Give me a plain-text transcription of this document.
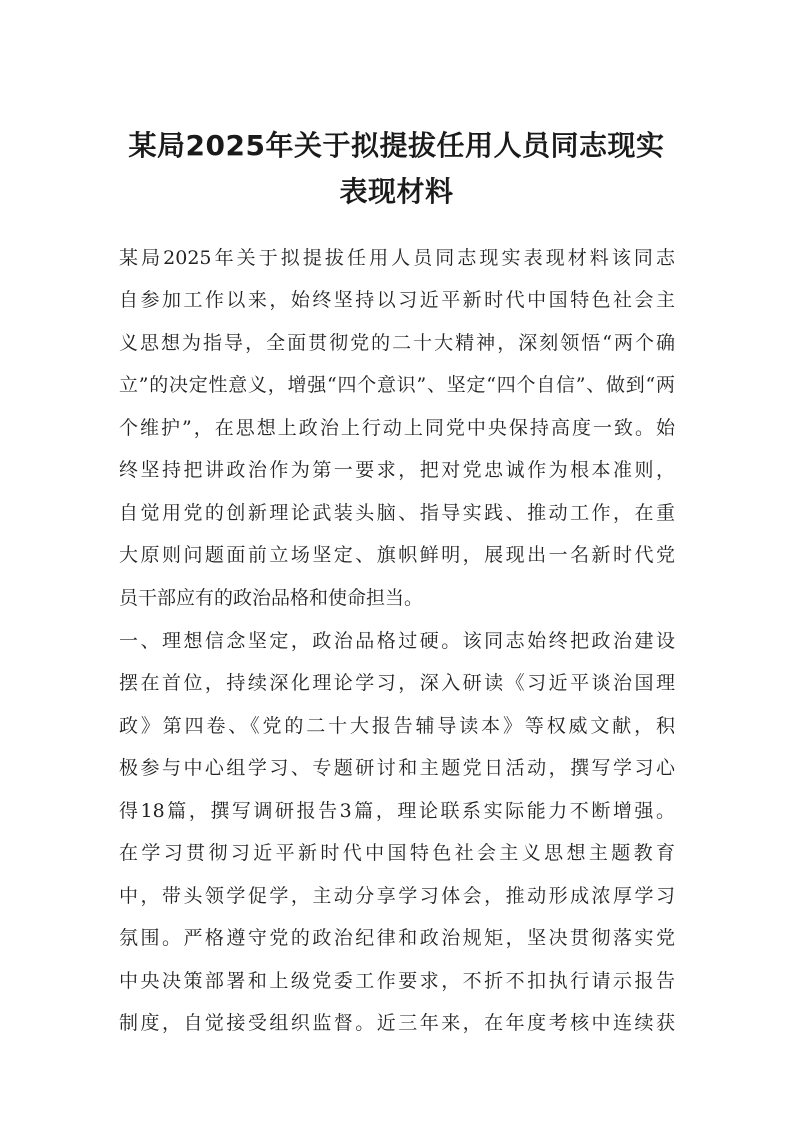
某局2025年关于拟提拔任用人员同志现实
表现材料
某局2025年关于拟提拔任用人员同志现实表现材料该同志
自参加工作以来，始终坚持以习近平新时代中国特色社会主
义思想为指导，全面贯彻党的二十大精神，深刻领悟“两个确
立”的决定性意义，增强“四个意识”、坚定“四个自信”、做到“两
个维护”，在思想上政治上行动上同党中央保持高度一致。始
终坚持把讲政治作为第一要求，把对党忠诚作为根本准则，
自觉用党的创新理论武装头脑、指导实践、推动工作，在重
大原则问题面前立场坚定、旗帜鲜明，展现出一名新时代党
员干部应有的政治品格和使命担当。
一、理想信念坚定，政治品格过硬。该同志始终把政治建设
摆在首位，持续深化理论学习，深入研读《习近平谈治国理
政》第四卷、《党的二十大报告辅导读本》等权威文献，积
极参与中心组学习、专题研讨和主题党日活动，撰写学习心
得18篇，撰写调研报告3篇，理论联系实际能力不断增强。
在学习贯彻习近平新时代中国特色社会主义思想主题教育
中，带头领学促学，主动分享学习体会，推动形成浓厚学习
氛围。严格遵守党的政治纪律和政治规矩，坚决贯彻落实党
中央决策部署和上级党委工作要求，不折不扣执行请示报告
制度，自觉接受组织监督。近三年来，在年度考核中连续获
